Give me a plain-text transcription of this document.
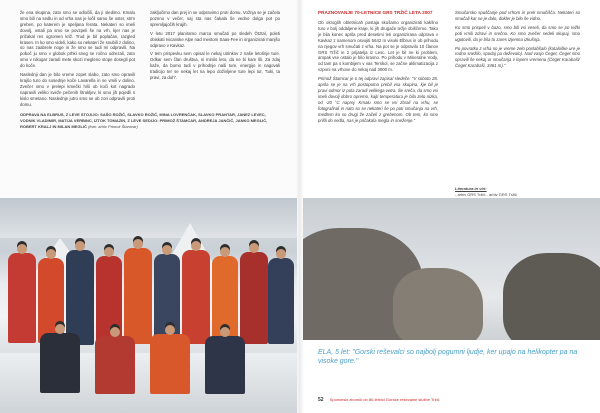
že ena skupina, zato smo se odločili, da ji sledimo. Kmalu smo bili na sedlu in od vrha nas je ločil samo še oster, strm greben, po katerem je speljana ferata. Nekateri so imeli dovolj, ostali pa smo se povzpeli še na vrh, kjer nas je pričakal res ogromen križ. Trud je bil poplačan, razgled krasen. In ko smo videli, kako so nekateri že snubili z dolino, so nas zaabrele noge in že smo se tudi mi odpravili. Na poboč ju smo v globok prhki sneg se ročno odrezali, zato smo v nikogar zaradi mete skozi megleno stope dosegli pot do koče.

Naslednji dan je bilo vreme zopet slabo, zato smo opravili krajšo turo do sosednje koče Lavarella in se vmili v dolino. Zvečer smo v prelepi kmečki hiši ob koči kot nagrado napravili veliko sveže pečenih štrukljev, ki smo jih pojedli s kislo smetano. Naslednje jutro smo se ob zori odpravili proti domu.

zaključimo dan prej in se odpravimo proti domu. Vožnja se je začela poznno v večer, saj sta nas čakala še vedno dolga pot po spremljajočih krajih.

V letu 2017 planiramo marca smučati po sledeh Ötztal, poleti obiskati Ivicanske Alpe nad mestom Saas-Fee in organizirati manjšo odpravo v Kavkaz.

V tem prispevku sem opisal le nekaj utrinkov z naše letošnje ture. Odkar sem član društva, ni minilo leto, da ne bi kam šli. Za zdaj kaže, da bomo tudi v prihodnje naši ture, energijo in nagovali tradicijo ter se nekaj let na lepo doživljene ture lepi tur, "tuki, ta pravi, za duh".

ODPRAVA NA ELBRUS, Z LEVE STOJIJO: SAŠO ROŽIČ, SLAVKO ROŽIČ, MINA LOVRENČAK, SLAVKO PRANTAR, JANEZ LEVEC, VODNIK VLADIMIR, MATIJA VERBINC, IZTOK TOMAZIN, Z LEVE SEDIJO: PRIMOŽ ŠTAMCAR, ANDREJA JANČIČ, JANKO MEGLIČ, ROBERT KRALJ IN MILAN MEGLIČ (foto: arhiv Primož Štamcar)
PRAZNOVANJE 70-LETNICE GRS TRŽIČ LETA 2007

Ob okroglih obletnicah postaja skušamo organizirati kakšno turo v bolj oddaljene kraje, ki jih drugače težje obiščemo. Tako je bila konec aprila pred desetimi leti organizirana odprava v Kavkaz z namenom osvojiti 5642 m visoki Elbrus in ob prihodu na njegov vrh smučati z vrha. Na pot se je odpravilo 10 članov GRS Tržič in 2 prijatelja iz Lesc. Let je bil ne ki problem, ampak vse ostalo je bilo krasno. Po prihodu v Mineralne Vody, od tam pa s kombijem v vas Terskol, se začne aklimatizacija z vzponi na vrhove do nekaj nad 3000 m.

Primož Štamcar je o tej odpravi zapisal sledeče: "V soboto 28. aprila se je na vrh postopoma prebil vsa skupina, kje bil je pravi odmor iz pola zaradi velikega vetra. Še sreča, da smo vsi imeli dovolj dobro opremo, kajti temperatura je bila zelo nizka, od -20 °C naprej. Kmalu smo se vsi zbrali na vrhu, se fotografirali in nato so se nekateri še po poti smučanja na vrh, medtem ko so drugi že začeli z grebenom. Ob tem, ko smo prišli do sedla, nas je pričakala megla in sneženje."

Smučarsko spuščanje pod vrhom in prek smučišča. Nekateri so smučali kar se je dalo, dokler je bilo še vidno.

Ko smo prispeli v bazo, smo bili vsi veseli, da smo se po težki poti vrnili zdravi in srečno. Ko smo zvečer sedeli skupaj, smo ugotovili, da je bila to zares izjemna izkušnja.

Po povratku z vrha so je vreme zelo poslabšalo (kataloške ure je rodno snežilo, spodaj pa deževalo). Nad vasjo Čeget, Čeget smo opravili še nekaj ur smučanja v lepem vremenu (Čeget Karabaši/Čeget Karabaši, 3461 m)."

Literatura in viri:
- arhiv GRS Tržič - arhiv GRS Tržič
ELA, 5 let: "Gorski reševalci so najbolj pogumni ljudje, ker upajo na helikopter pa na visoke gore."
52 Spominski zbornik ob 80-letnici Gorske reševalne službe Tržič
